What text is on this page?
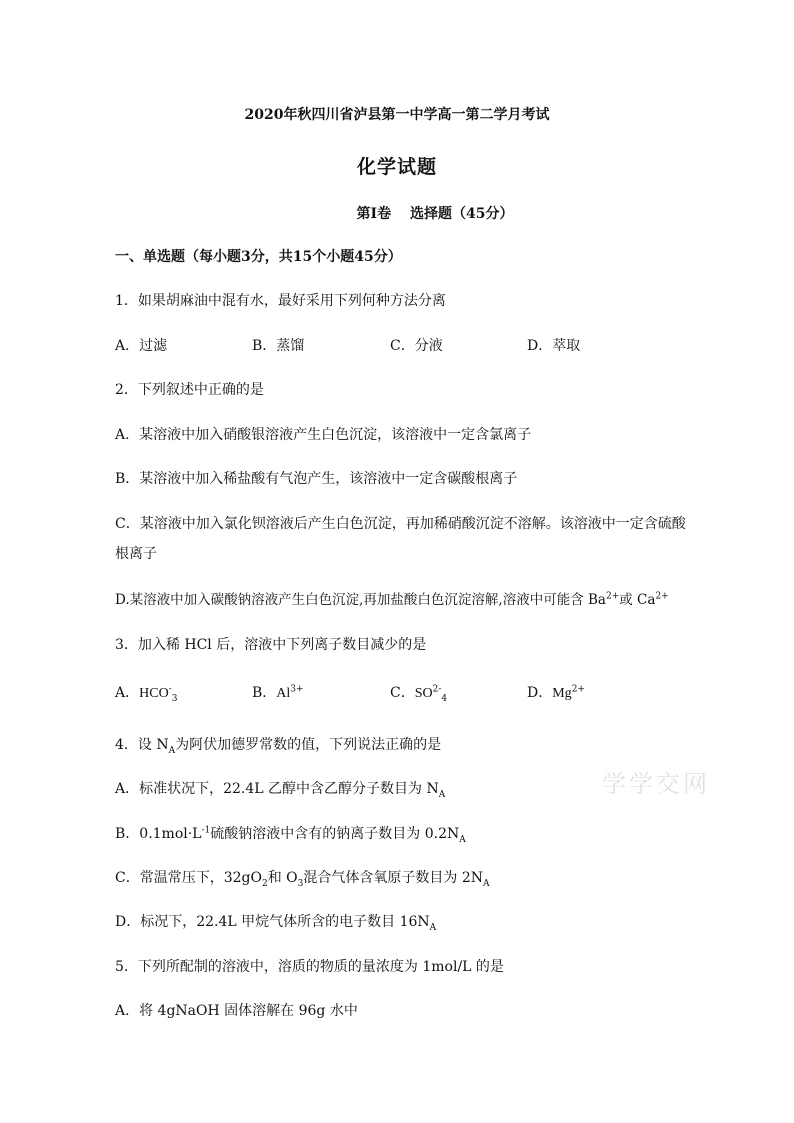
2020年秋四川省泸县第一中学高一第二学月考试
化学试题
第I卷　 选择题（45分）
一、单选题（每小题3分，共15个小题45分）
1．如果胡麻油中混有水，最好采用下列何种方法分离
A．过滤	B．蒸馏	C．分液	D．萃取
2．下列叙述中正确的是
A．某溶液中加入硝酸银溶液产生白色沉淀，该溶液中一定含氯离子
B．某溶液中加入稀盐酸有气泡产生，该溶液中一定含碳酸根离子
C．某溶液中加入氯化钡溶液后产生白色沉淀，再加稀硝酸沉淀不溶解。该溶液中一定含硫酸
根离子
D.某溶液中加入碳酸钠溶液产生白色沉淀,再加盐酸白色沉淀溶解,溶液中可能含 $Ba^{2+}$或 $Ca^{2+}$
3．加入稀 HCl 后，溶液中下列离子数目减少的是
A．$HCO^-_3$	B．$Al^{3+}$	C．$SO^{2-}_4$	D．$Mg^{2+}$
4．设 $N_A$为阿伏加德罗常数的值，下列说法正确的是
A．标准状况下，22.4L 乙醇中含乙醇分子数目为 $N_A$
B．$0.1mol\cdot L^{-1}$硫酸钠溶液中含有的钠离子数目为 $0.2N_A$
C．常温常压下，$32gO_2$和 $O_3$混合气体含氧原子数目为 $2N_A$
D．标况下，22.4L 甲烷气体所含的电子数目 $16N_A$
5．下列所配制的溶液中，溶质的物质的量浓度为 1mol/L 的是
A．将 4gNaOH 固体溶解在 96g 水中
学学交网
